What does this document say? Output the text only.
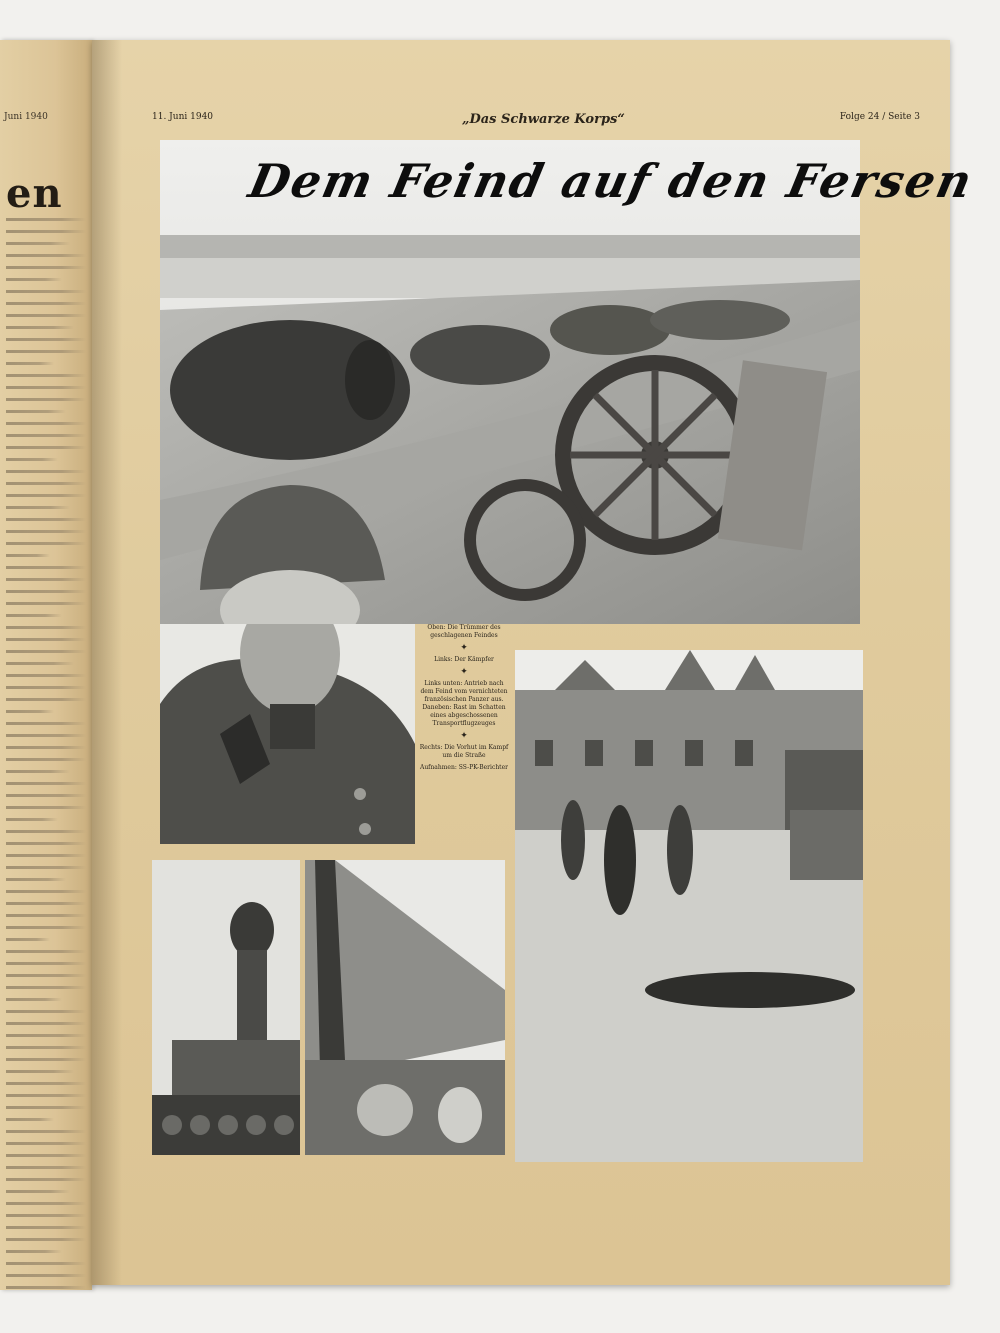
Juni 1940
en
11. Juni 1940	„Das Schwarze Korps“	Folge 24 / Seite 3
Dem Feind auf den Fersen
Oben: Die Trümmer des geschlagenen Feindes
✦
Links: Der Kämpfer
✦
Links unten: Antrieb nach dem Feind vom vernichteten französischen Panzer aus. Daneben: Rast im Schatten eines abgeschossenen Transportflugzeuges
✦
Rechts: Die Vorhut im Kampf um die Straße
Aufnahmen: SS-PK-Berichter
